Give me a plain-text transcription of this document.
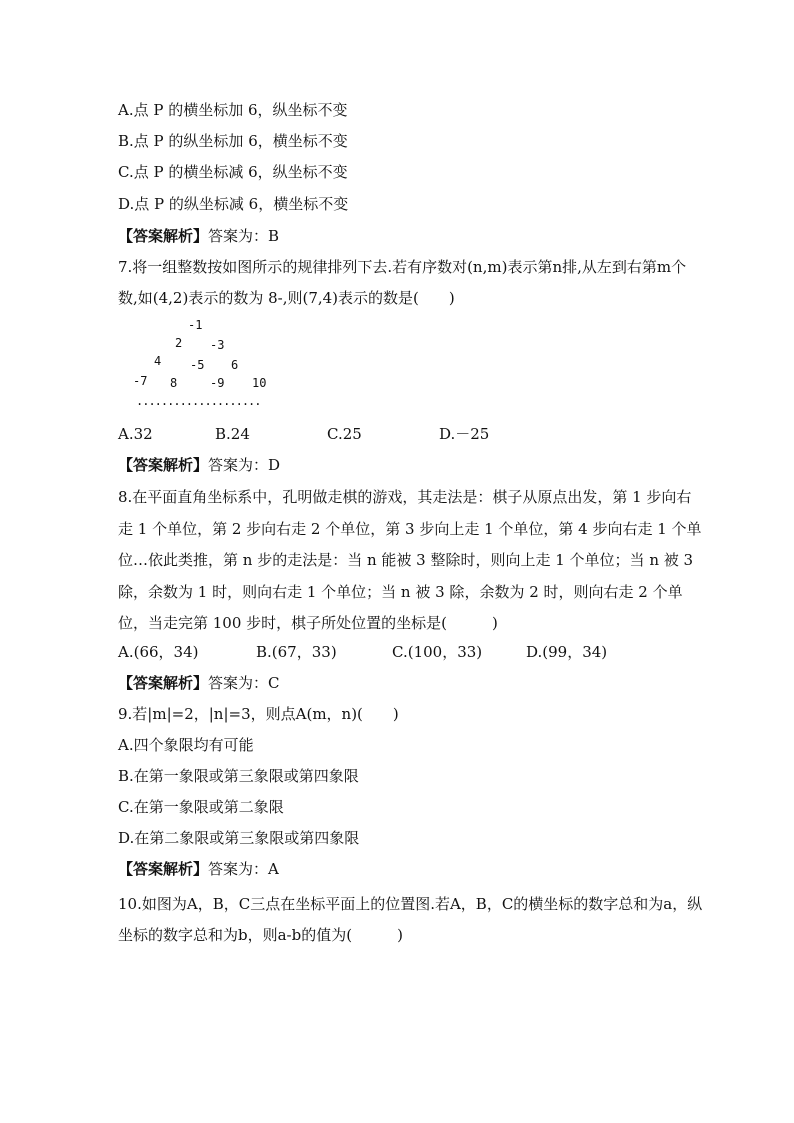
A.点 P 的横坐标加 6，纵坐标不变
B.点 P 的纵坐标加 6，横坐标不变
C.点 P 的横坐标减 6，纵坐标不变
D.点 P 的纵坐标减 6，横坐标不变
【答案解析】答案为：B
7.将一组整数按如图所示的规律排列下去.若有序数对(n,m)表示第n排,从左到右第m个数,如(4,2)表示的数为 8-,则(7,4)表示的数是(　　)
-1
2 -3
4 -5 6
-7 8	-9 10
....................
A.32	B.24	C.25	D.－25
【答案解析】答案为：D
8.在平面直角坐标系中，孔明做走棋的游戏，其走法是：棋子从原点出发，第 1 步向右走 1 个单位，第 2 步向右走 2 个单位，第 3 步向上走 1 个单位，第 4 步向右走 1 个单位…依此类推，第 n 步的走法是：当 n 能被 3 整除时，则向上走 1 个单位；当 n 被 3 除，余数为 1 时，则向右走 1 个单位；当 n 被 3 除，余数为 2 时，则向右走 2 个单位，当走完第 100 步时，棋子所处位置的坐标是(　　　)
A.(66，34)	B.(67，33)	C.(100，33)	D.(99，34)
【答案解析】答案为：C
9.若|m|=2，|n|=3，则点A(m，n)(　　)
A.四个象限均有可能
B.在第一象限或第三象限或第四象限
C.在第一象限或第二象限
D.在第二象限或第三象限或第四象限
【答案解析】答案为：A
10.如图为A，B，C三点在坐标平面上的位置图.若A，B，C的横坐标的数字总和为a，纵坐标的数字总和为b，则a-b的值为(　　　)
